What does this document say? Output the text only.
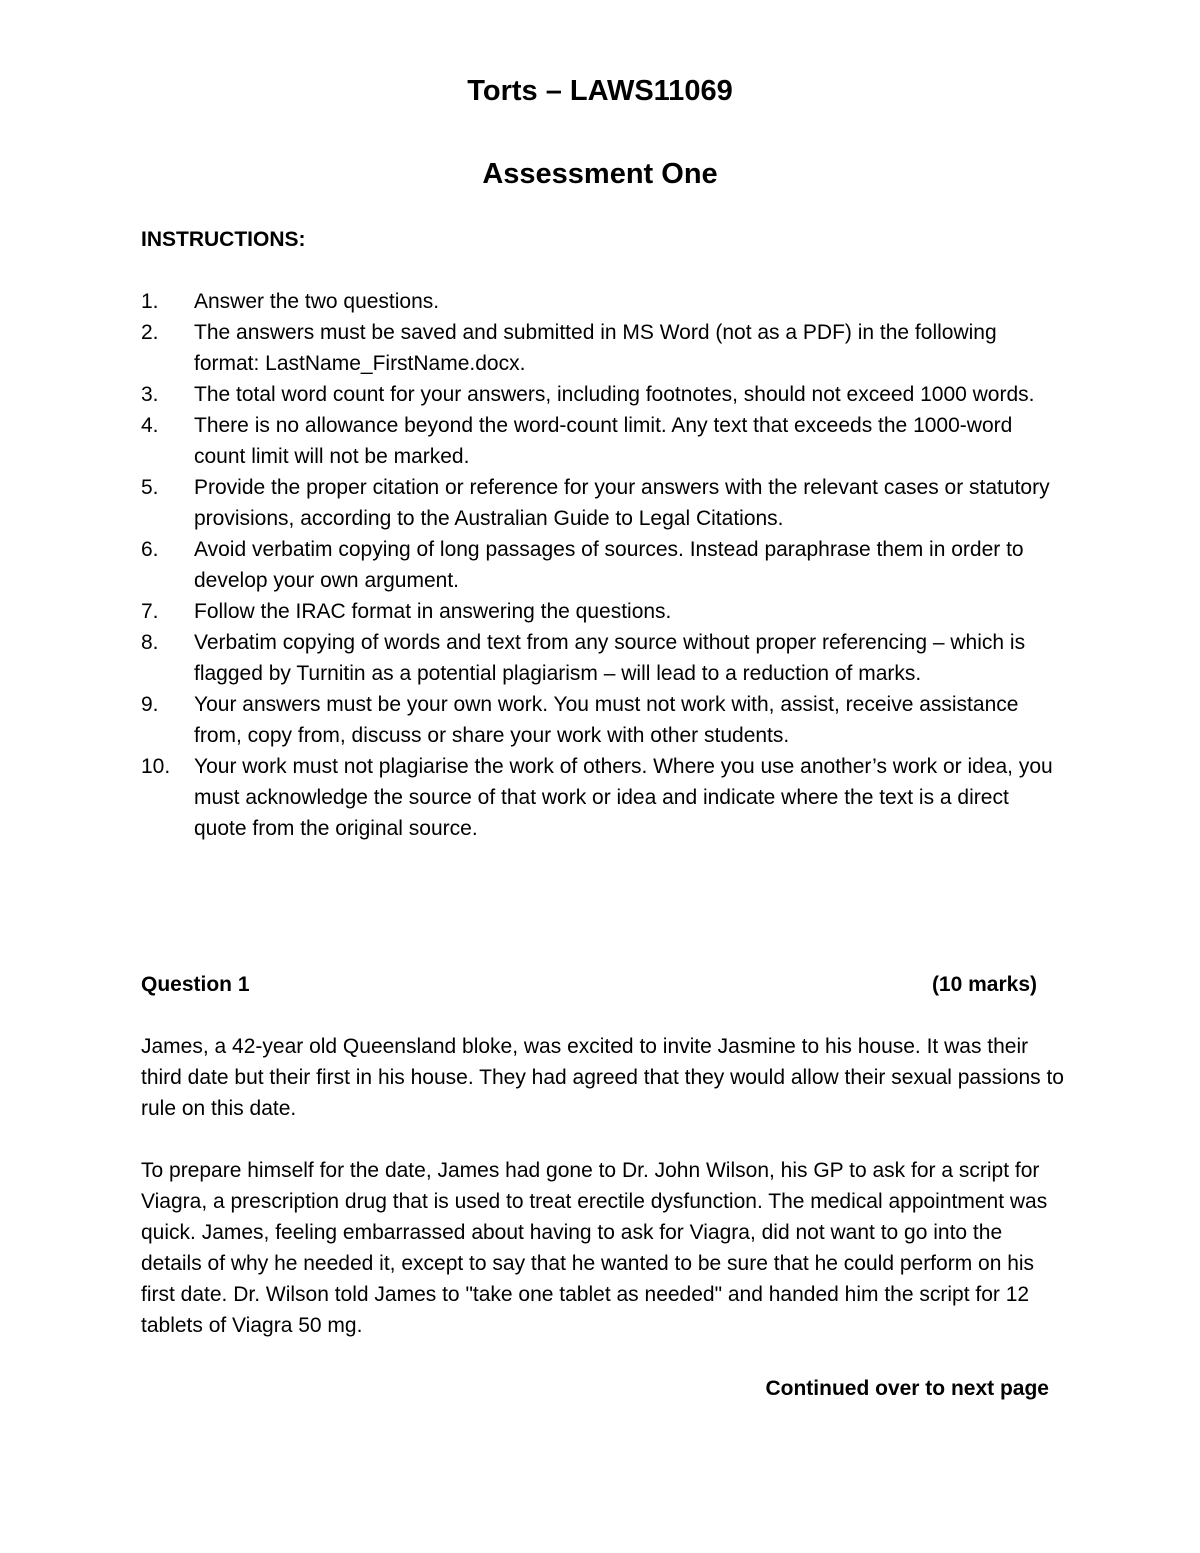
Torts – LAWS11069
Assessment One
INSTRUCTIONS:
1. Answer the two questions.
2. The answers must be saved and submitted in MS Word (not as a PDF) in the following format: LastName_FirstName.docx.
3. The total word count for your answers, including footnotes, should not exceed 1000 words.
4. There is no allowance beyond the word-count limit. Any text that exceeds the 1000-word count limit will not be marked.
5. Provide the proper citation or reference for your answers with the relevant cases or statutory provisions, according to the Australian Guide to Legal Citations.
6. Avoid verbatim copying of long passages of sources. Instead paraphrase them in order to develop your own argument.
7. Follow the IRAC format in answering the questions.
8. Verbatim copying of words and text from any source without proper referencing – which is flagged by Turnitin as a potential plagiarism – will lead to a reduction of marks.
9. Your answers must be your own work. You must not work with, assist, receive assistance from, copy from, discuss or share your work with other students.
10. Your work must not plagiarise the work of others. Where you use another’s work or idea, you must acknowledge the source of that work or idea and indicate where the text is a direct quote from the original source.
Question 1	(10 marks)

James, a 42-year old Queensland bloke, was excited to invite Jasmine to his house. It was their third date but their first in his house. They had agreed that they would allow their sexual passions to rule on this date.

To prepare himself for the date, James had gone to Dr. John Wilson, his GP to ask for a script for Viagra, a prescription drug that is used to treat erectile dysfunction. The medical appointment was quick. James, feeling embarrassed about having to ask for Viagra, did not want to go into the details of why he needed it, except to say that he wanted to be sure that he could perform on his first date. Dr. Wilson told James to "take one tablet as needed" and handed him the script for 12 tablets of Viagra 50 mg.

Continued over to next page
